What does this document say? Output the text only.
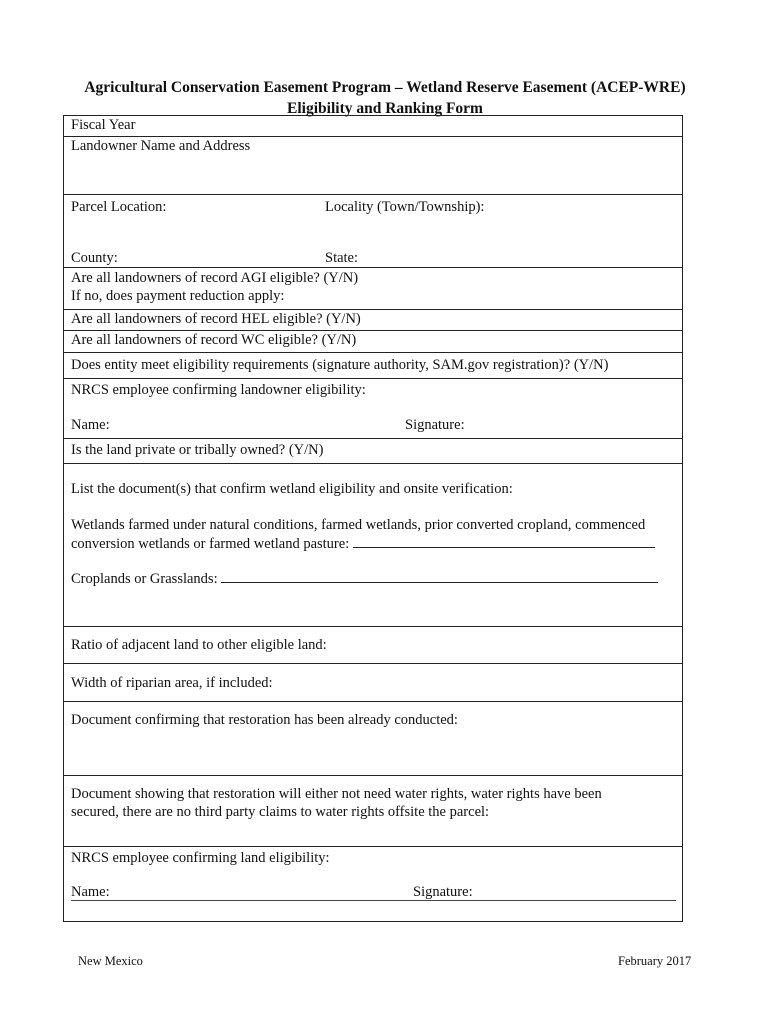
Agricultural Conservation Easement Program – Wetland Reserve Easement (ACEP-WRE)
Eligibility and Ranking Form
Fiscal Year
Landowner Name and Address
Parcel Location:	Locality (Town/Township):
County:	State:
Are all landowners of record AGI eligible? (Y/N)
If no, does payment reduction apply:
Are all landowners of record HEL eligible? (Y/N)
Are all landowners of record WC eligible? (Y/N)
Does entity meet eligibility requirements (signature authority, SAM.gov registration)? (Y/N)
NRCS employee confirming landowner eligibility:
Name:	Signature:
Is the land private or tribally owned? (Y/N)
List the document(s) that confirm wetland eligibility and onsite verification:
Wetlands farmed under natural conditions, farmed wetlands, prior converted cropland, commenced
conversion wetlands or farmed wetland pasture:
Croplands or Grasslands:
Ratio of adjacent land to other eligible land:
Width of riparian area, if included:
Document confirming that restoration has been already conducted:
Document showing that restoration will either not need water rights, water rights have been
secured, there are no third party claims to water rights offsite the parcel:
NRCS employee confirming land eligibility:
Name:	Signature:
New Mexico	February 2017
